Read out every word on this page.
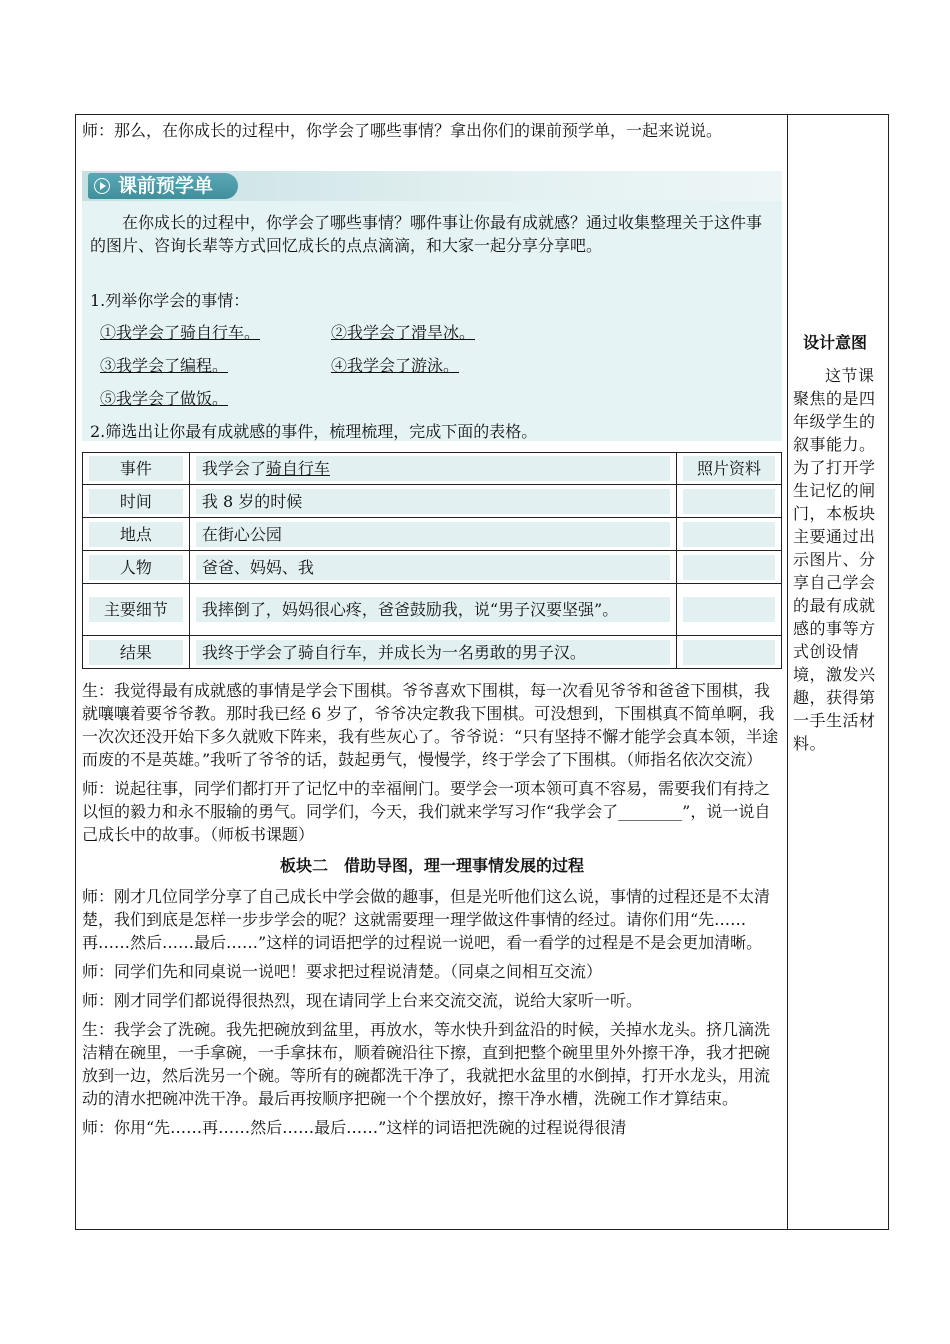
师：那么，在你成长的过程中，你学会了哪些事情？拿出你们的课前预学单，一起来说说。

课前预学单

在你成长的过程中，你学会了哪些事情？哪件事让你最有成就感？通过收集整理关于这件事的图片、咨询长辈等方式回忆成长的点点滴滴，和大家一起分享分享吧。

1.列举你学会的事情：

①我学会了骑自行车。	②我学会了滑旱冰。
③我学会了编程。	④我学会了游泳。
⑤我学会了做饭。

2.筛选出让你最有成就感的事件，梳理梳理，完成下面的表格。

事件	我学会了骑自行车	照片资料

时间	我 8 岁的时候	

地点	在街心公园	

人物	爸爸、妈妈、我	

主要细节	我摔倒了，妈妈很心疼，爸爸鼓励我，说“男子汉要坚强”。	

结果	我终于学会了骑自行车，并成长为一名勇敢的男子汉。	

生：我觉得最有成就感的事情是学会下围棋。爷爷喜欢下围棋，每一次看见爷爷和爸爸下围棋，我就嚷嚷着要爷爷教。那时我已经 6 岁了，爷爷决定教我下围棋。可没想到，下围棋真不简单啊，我一次次还没开始下多久就败下阵来，我有些灰心了。爷爷说：“只有坚持不懈才能学会真本领，半途而废的不是英雄。”我听了爷爷的话，鼓起勇气，慢慢学，终于学会了下围棋。（师指名依次交流）

师：说起往事，同学们都打开了记忆中的幸福闸门。要学会一项本领可真不容易，需要我们有持之以恒的毅力和永不服输的勇气。同学们，今天，我们就来学写习作“我学会了________”，说一说自己成长中的故事。（师板书课题）

板块二　借助导图，理一理事情发展的过程

师：刚才几位同学分享了自己成长中学会做的趣事，但是光听他们这么说，事情的过程还是不太清楚，我们到底是怎样一步步学会的呢？这就需要理一理学做这件事情的经过。请你们用“先……再……然后……最后……”这样的词语把学的过程说一说吧，看一看学的过程是不是会更加清晰。

师：同学们先和同桌说一说吧！要求把过程说清楚。（同桌之间相互交流）

师：刚才同学们都说得很热烈，现在请同学上台来交流交流，说给大家听一听。

生：我学会了洗碗。我先把碗放到盆里，再放水，等水快升到盆沿的时候，关掉水龙头。挤几滴洗洁精在碗里，一手拿碗，一手拿抹布，顺着碗沿往下擦，直到把整个碗里里外外擦干净，我才把碗放到一边，然后洗另一个碗。等所有的碗都洗干净了，我就把水盆里的水倒掉，打开水龙头，用流动的清水把碗冲洗干净。最后再按顺序把碗一个个摆放好，擦干净水槽，洗碗工作才算结束。

师：你用“先……再……然后……最后……”这样的词语把洗碗的过程说得很清

设计意图

这节课聚焦的是四年级学生的叙事能力。为了打开学生记忆的闸门，本板块主要通过出示图片、分享自己学会的最有成就感的事等方式创设情境，激发兴趣，获得第一手生活材料。
